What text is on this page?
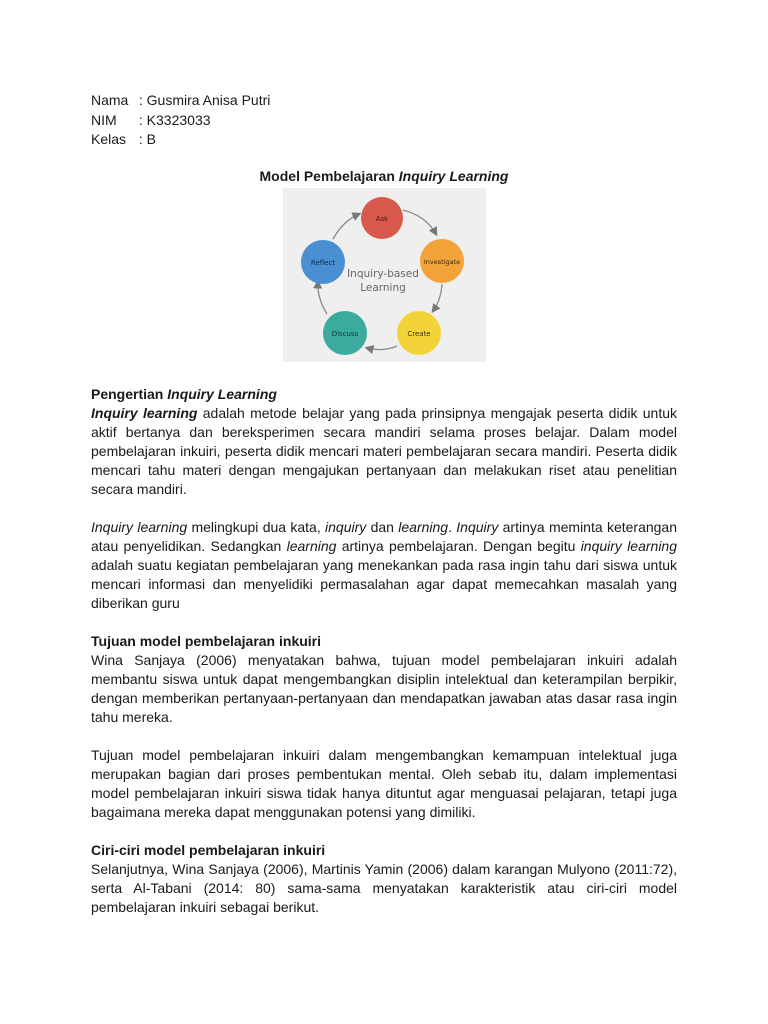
Nama : Gusmira Anisa Putri
NIM : K3323033
Kelas : B
Model Pembelajaran Inquiry Learning
Inquiry-based
Learning
Ask
Investigate
Create
Discuss
Reflect
Pengertian Inquiry Learning

Inquiry learning adalah metode belajar yang pada prinsipnya mengajak peserta didik untuk aktif bertanya dan bereksperimen secara mandiri selama proses belajar. Dalam model pembelajaran inkuiri, peserta didik mencari materi pembelajaran secara mandiri. Peserta didik mencari tahu materi dengan mengajukan pertanyaan dan melakukan riset atau penelitian secara mandiri.

Inquiry learning melingkupi dua kata, inquiry dan learning. Inquiry artinya meminta keterangan atau penyelidikan. Sedangkan learning artinya pembelajaran. Dengan begitu inquiry learning adalah suatu kegiatan pembelajaran yang menekankan pada rasa ingin tahu dari siswa untuk mencari informasi dan menyelidiki permasalahan agar dapat memecahkan masalah yang diberikan guru

Tujuan model pembelajaran inkuiri

Wina Sanjaya (2006) menyatakan bahwa, tujuan model pembelajaran inkuiri adalah membantu siswa untuk dapat mengembangkan disiplin intelektual dan keterampilan berpikir, dengan memberikan pertanyaan-pertanyaan dan mendapatkan jawaban atas dasar rasa ingin tahu mereka.

Tujuan model pembelajaran inkuiri dalam mengembangkan kemampuan intelektual juga merupakan bagian dari proses pembentukan mental. Oleh sebab itu, dalam implementasi model pembelajaran inkuiri siswa tidak hanya dituntut agar menguasai pelajaran, tetapi juga bagaimana mereka dapat menggunakan potensi yang dimiliki.

Ciri-ciri model pembelajaran inkuiri

Selanjutnya, Wina Sanjaya (2006), Martinis Yamin (2006) dalam karangan Mulyono (2011:72), serta Al-Tabani (2014: 80) sama-sama menyatakan karakteristik atau ciri-ciri model pembelajaran inkuiri sebagai berikut.
